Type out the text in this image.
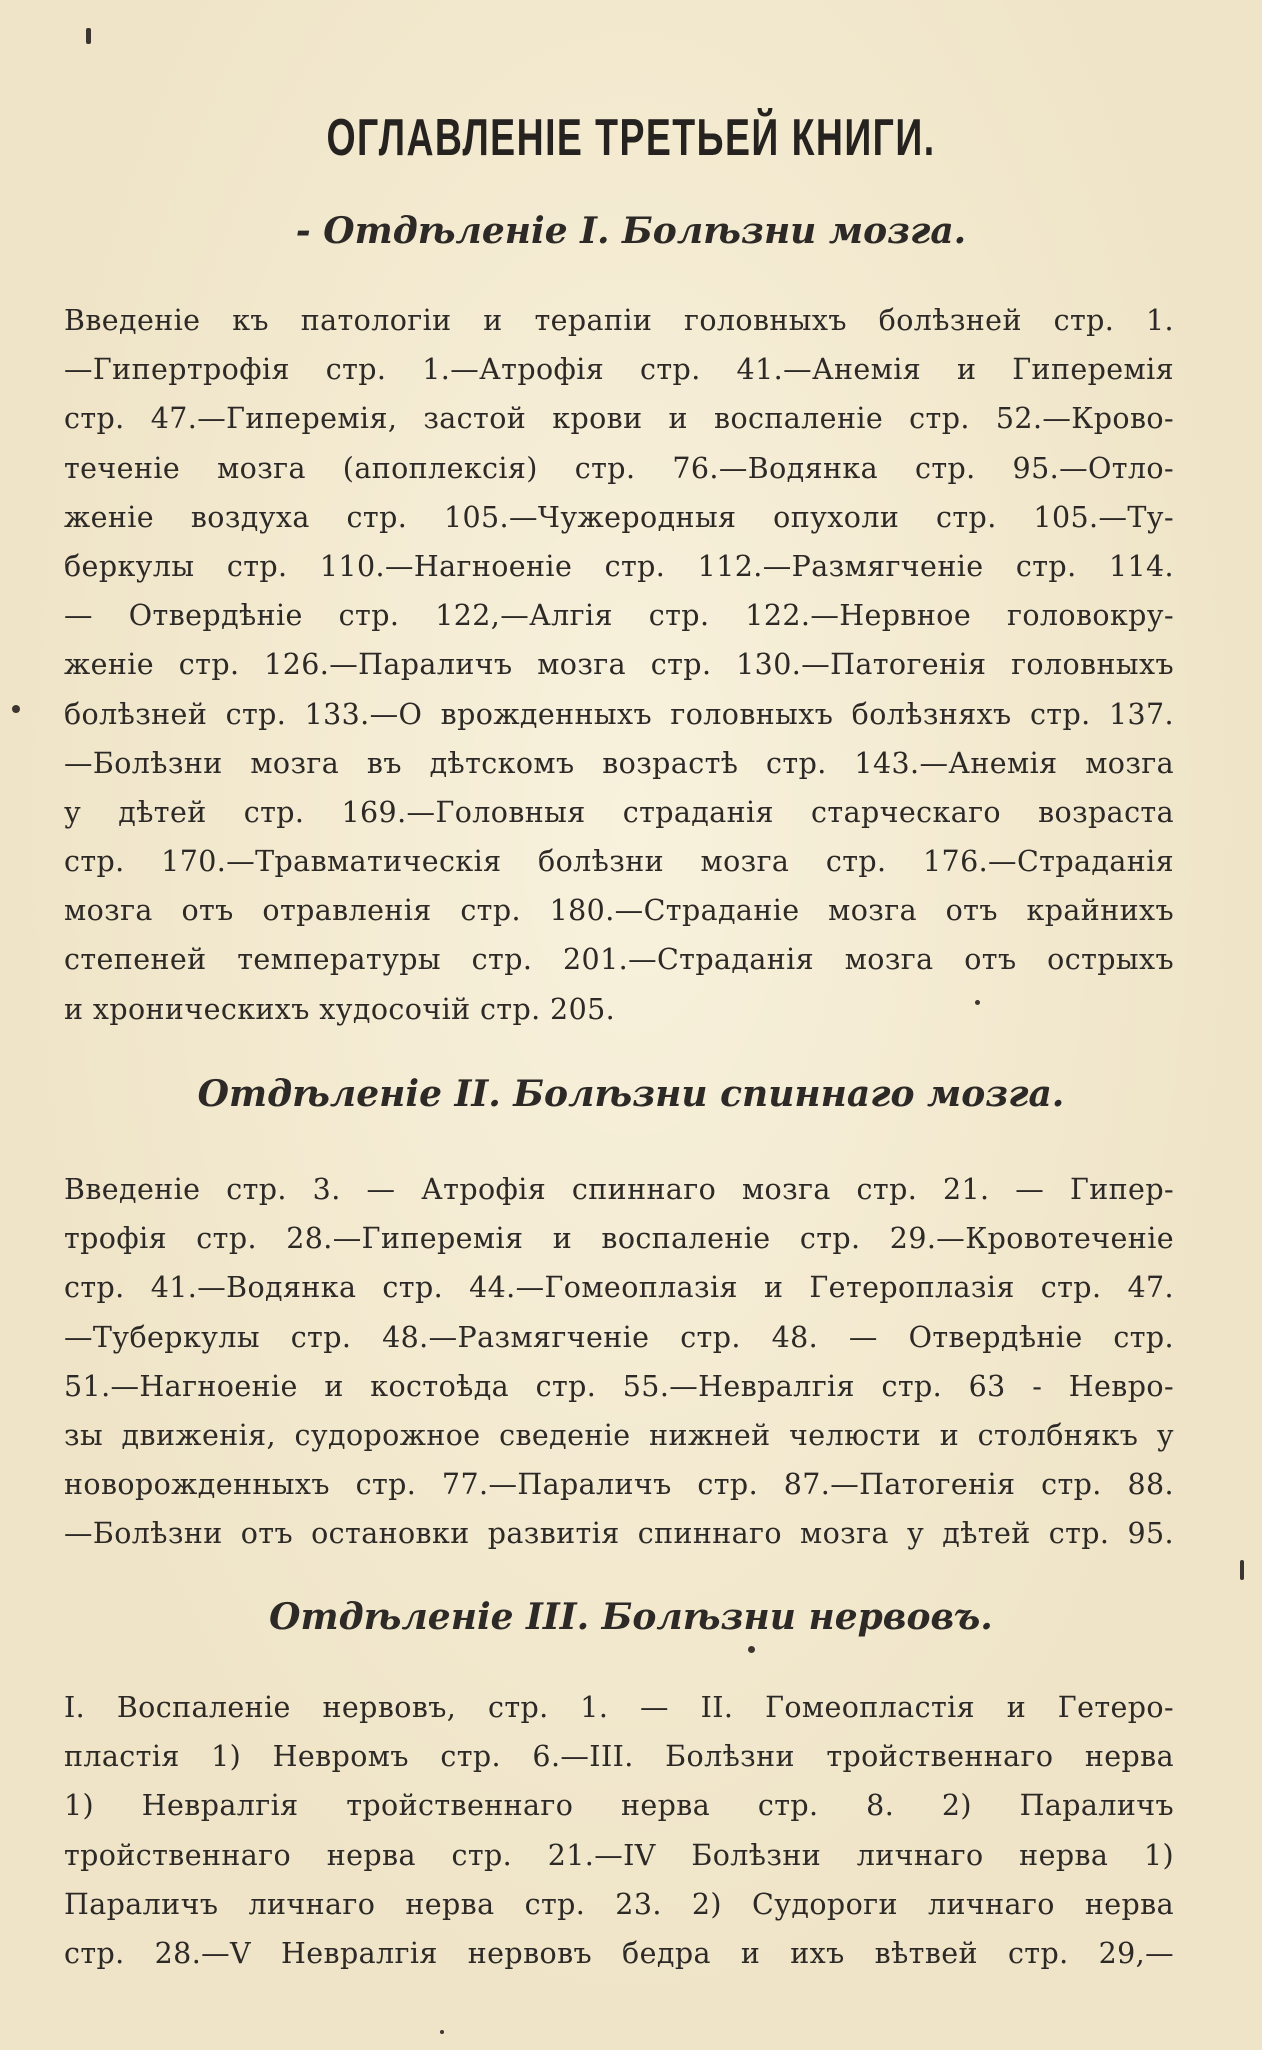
ОГЛАВЛЕНІЕ ТРЕТЬЕЙ КНИГИ.
- Отдѣленіе I. Болѣзни мозга.
Введеніе къ патологіи и терапіи головныхъ болѣзней стр. 1.
—Гипертрофія стр. 1.—Атрофія стр. 41.—Анемія и Гиперемія
стр. 47.—Гиперемія, застой крови и воспаленіе стр. 52.—Крово-
теченіе мозга (апоплексія) стр. 76.—Водянка стр. 95.—Отло-
женіе воздуха стр. 105.—Чужеродныя опухоли стр. 105.—Ту-
беркулы стр. 110.—Нагноеніе стр. 112.—Размягченіе стр. 114.
— Отвердѣніе стр. 122,—Алгія стр. 122.—Нервное головокру-
женіе стр. 126.—Параличъ мозга стр. 130.—Патогенія головныхъ
болѣзней стр. 133.—О врожденныхъ головныхъ болѣзняхъ стр. 137.
—Болѣзни мозга въ дѣтскомъ возрастѣ стр. 143.—Анемія мозга
у дѣтей стр. 169.—Головныя страданія старческаго возраста
стр. 170.—Травматическія болѣзни мозга стр. 176.—Страданія
мозга отъ отравленія стр. 180.—Страданіе мозга отъ крайнихъ
степеней температуры стр. 201.—Страданія мозга отъ острыхъ
и хроническихъ худосочій стр. 205.
Отдѣленіе II. Болѣзни спиннаго мозга.
Введеніе стр. 3. — Атрофія спиннаго мозга стр. 21. — Гипер-
трофія стр. 28.—Гиперемія и воспаленіе стр. 29.—Кровотеченіе
стр. 41.—Водянка стр. 44.—Гомеоплазія и Гетероплазія стр. 47.
—Туберкулы стр. 48.—Размягченіе стр. 48. — Отвердѣніе стр.
51.—Нагноеніе и костоѣда стр. 55.—Невралгія стр. 63 - Невро-
зы движенія, судорожное сведеніе нижней челюсти и столбнякъ у
новорожденныхъ стр. 77.—Параличъ стр. 87.—Патогенія стр. 88.
—Болѣзни отъ остановки развитія спиннаго мозга у дѣтей стр. 95.
Отдѣленіе III. Болѣзни нервовъ.
I. Воспаленіе нервовъ, стр. 1. — II. Гомеопластія и Гетеро-
пластія 1) Невромъ стр. 6.—III. Болѣзни тройственнаго нерва
1) Невралгія тройственнаго нерва стр. 8. 2) Параличъ
тройственнаго нерва стр. 21.—IV Болѣзни личнаго нерва 1)
Параличъ личнаго нерва стр. 23. 2) Судороги личнаго нерва
стр. 28.—V Невралгія нервовъ бедра и ихъ вѣтвей стр. 29,—
